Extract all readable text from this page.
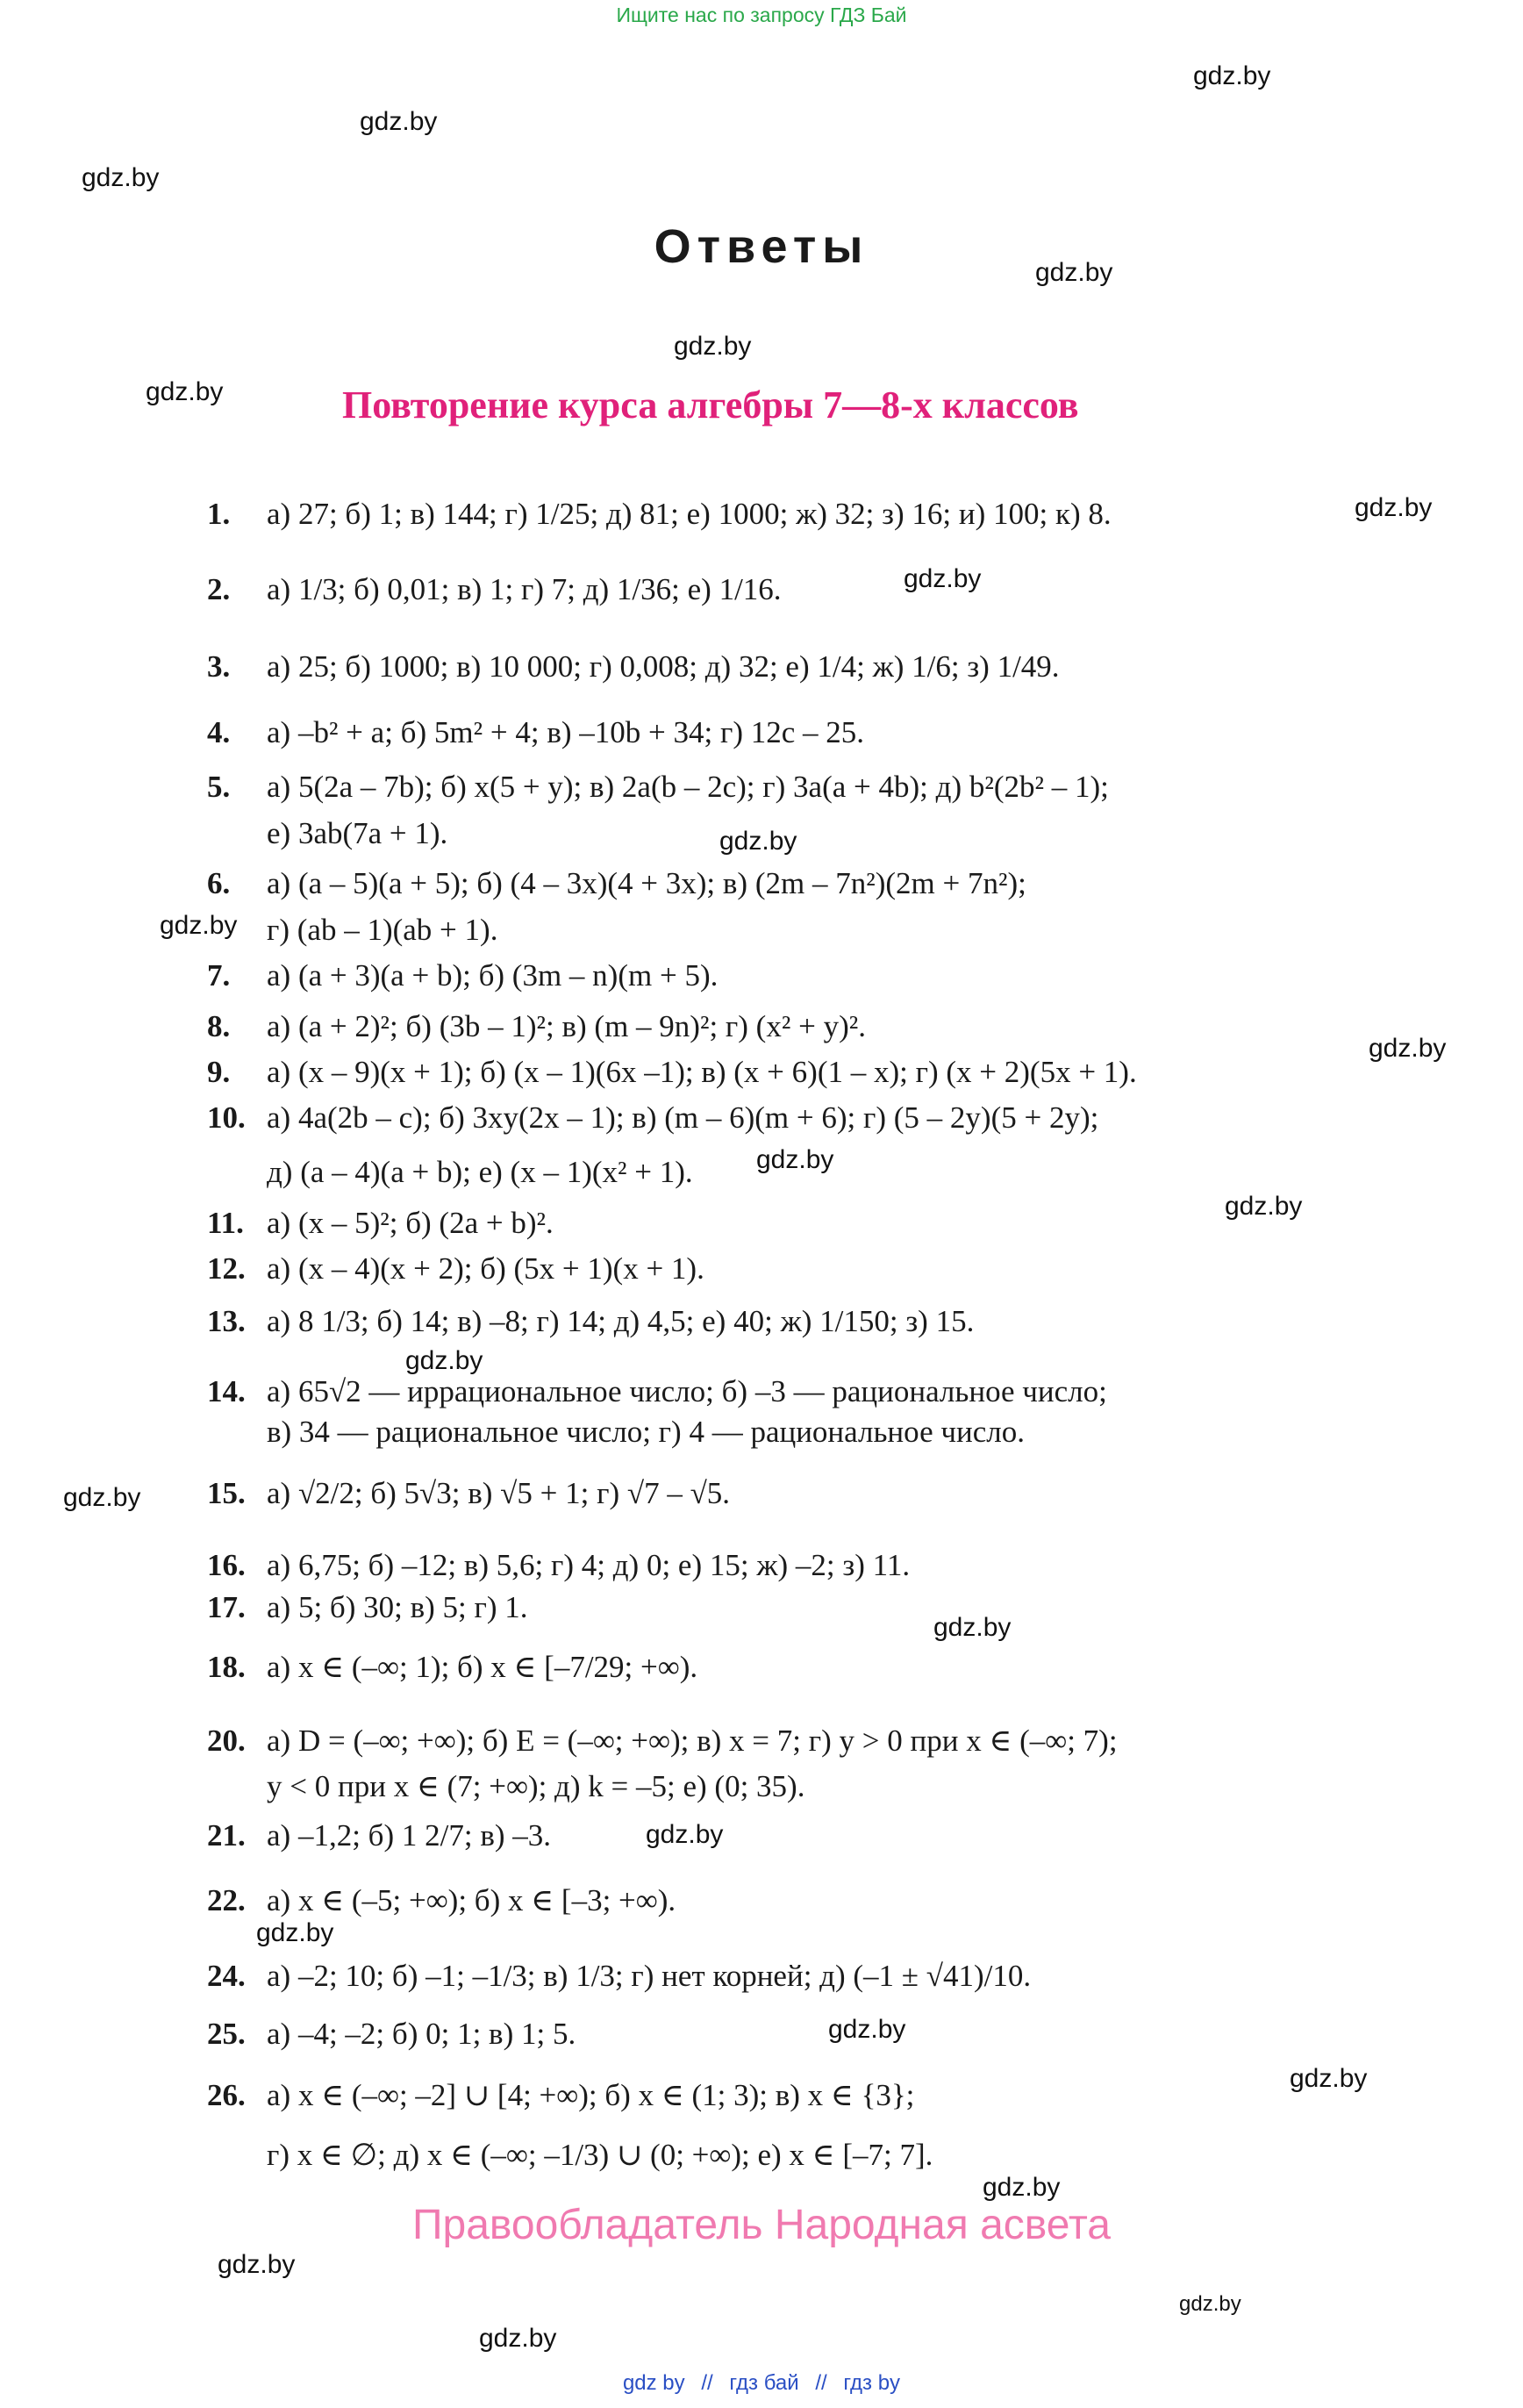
Ищите нас по запросу ГДЗ Бай
gdz.by
gdz.by
gdz.by
gdz.by
gdz.by
gdz.by
gdz.by
gdz.by
gdz.by
gdz.by
gdz.by
gdz.by
gdz.by
gdz.by
gdz.by
gdz.by
gdz.by
gdz.by
gdz.by
gdz.by
gdz.by
gdz.by
gdz.by
gdz.by
Ответы
Повторение курса алгебры 7—8-х классов
1. а) 27; б) 1; в) 144; г) 1/25; д) 81; е) 1000; ж) 32; з) 16; и) 100; к) 8.
2. а) 1/3; б) 0,01; в) 1; г) 7; д) 1/36; е) 1/16.
3. а) 25; б) 1000; в) 10 000; г) 0,008; д) 32; е) 1/4; ж) 1/6; з) 1/49.
4. а) –b² + a; б) 5m² + 4; в) –10b + 34; г) 12c – 25.
5. а) 5(2a – 7b); б) x(5 + y); в) 2a(b – 2c); г) 3a(a + 4b); д) b²(2b² – 1);
е) 3ab(7a + 1).
6. а) (a – 5)(a + 5); б) (4 – 3x)(4 + 3x); в) (2m – 7n²)(2m + 7n²);
г) (ab – 1)(ab + 1).
7. а) (a + 3)(a + b); б) (3m – n)(m + 5).
8. а) (a + 2)²; б) (3b – 1)²; в) (m – 9n)²; г) (x² + y)².
9. а) (x – 9)(x + 1); б) (x – 1)(6x –1); в) (x + 6)(1 – x); г) (x + 2)(5x + 1).
10. а) 4a(2b – c); б) 3xy(2x – 1); в) (m – 6)(m + 6); г) (5 – 2y)(5 + 2y);
д) (a – 4)(a + b); е) (x – 1)(x² + 1).
11. а) (x – 5)²; б) (2a + b)².
12. а) (x – 4)(x + 2); б) (5x + 1)(x + 1).
13. а) 8 1/3; б) 14; в) –8; г) 14; д) 4,5; е) 40; ж) 1/150; з) 15.
14. а) 65√2 — иррациональное число; б) –3 — рациональное число;
в) 34 — рациональное число; г) 4 — рациональное число.
15. а) √2/2; б) 5√3; в) √5 + 1; г) √7 – √5.
16. а) 6,75; б) –12; в) 5,6; г) 4; д) 0; е) 15; ж) –2; з) 11.
17. а) 5; б) 30; в) 5; г) 1.
18. а) x ∈ (–∞; 1); б) x ∈ [–7/29; +∞).
20. а) D = (–∞; +∞); б) E = (–∞; +∞); в) x = 7; г) y > 0 при x ∈ (–∞; 7);
y < 0 при x ∈ (7; +∞); д) k = –5; е) (0; 35).
21. а) –1,2; б) 1 2/7; в) –3.
22. а) x ∈ (–5; +∞); б) x ∈ [–3; +∞).
24. а) –2; 10; б) –1; –1/3; в) 1/3; г) нет корней; д) (–1 ± √41)/10.
25. а) –4; –2; б) 0; 1; в) 1; 5.
26. а) x ∈ (–∞; –2] ∪ [4; +∞); б) x ∈ (1; 3); в) x ∈ {3};
г) x ∈ ∅; д) x ∈ (–∞; –1/3) ∪ (0; +∞); е) x ∈ [–7; 7].
Правообладатель Народная асвета
gdz by // гдз бай // гдз by
